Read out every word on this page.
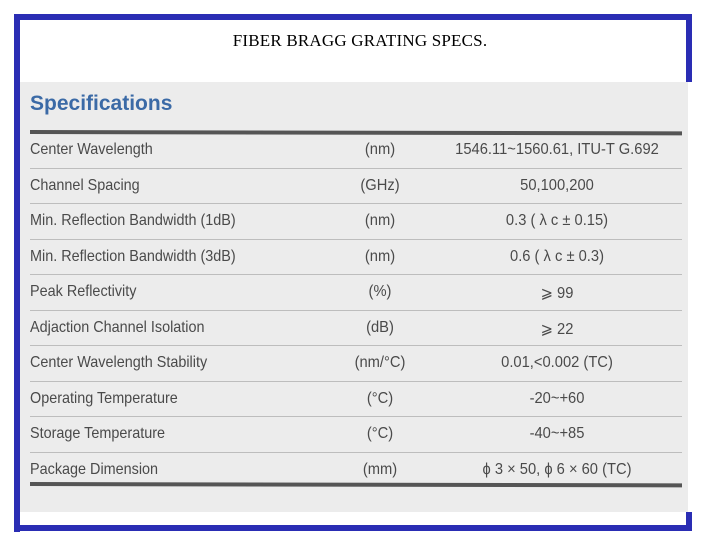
FIBER BRAGG GRATING SPECS.
Specifications
Center Wavelength	(nm)	1546.11~1560.61, ITU-T G.692
Channel Spacing	(GHz)	50,100,200
Min. Reflection Bandwidth (1dB)	(nm)	0.3 ( λ c ± 0.15)
Min. Reflection Bandwidth (3dB)	(nm)	0.6 ( λ c ± 0.3)
Peak Reflectivity	(%)	⩾ 99
Adjaction Channel Isolation	(dB)	⩾ 22
Center Wavelength Stability	(nm/°C)	0.01,<0.002 (TC)
Operating Temperature	(°C)	-20~+60
Storage Temperature	(°C)	-40~+85
Package Dimension	(mm)	ϕ 3 × 50, ϕ 6 × 60 (TC)
